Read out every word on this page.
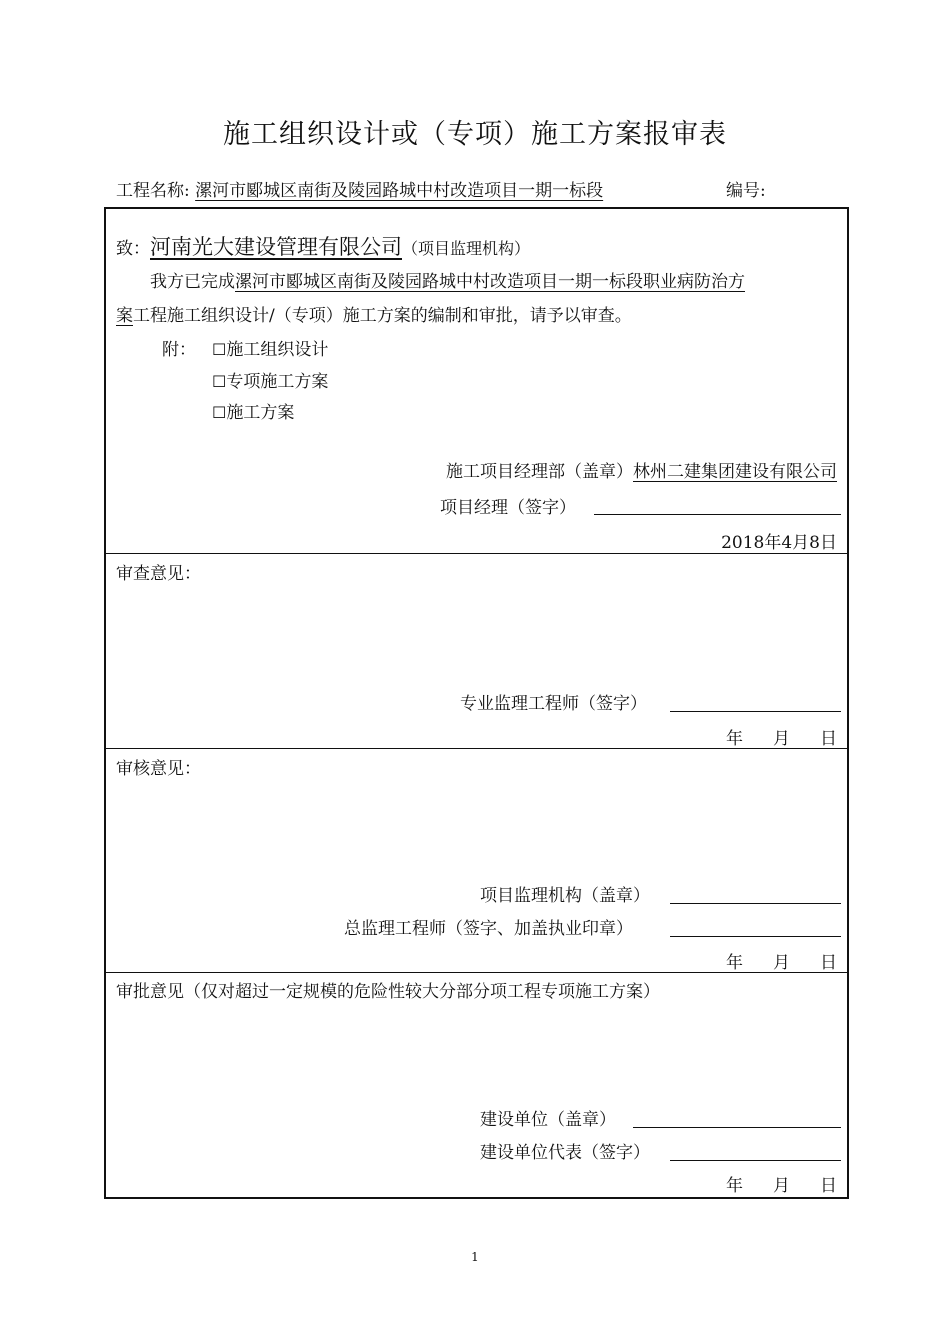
施工组织设计或（专项）施工方案报审表
工程名称: 漯河市郾城区南街及陵园路城中村改造项目一期一标段	编号:
致：河南光大建设管理有限公司（项目监理机构）
我方已完成漯河市郾城区南街及陵园路城中村改造项目一期一标段职业病防治方
案工程施工组织设计/（专项）施工方案的编制和审批，请予以审查。
附： ☐施工组织设计
☐专项施工方案
☐施工方案
施工项目经理部（盖章）林州二建集团建设有限公司
项目经理（签字）
2018年4月8日
审查意见：
专业监理工程师（签字）
年 月 日
审核意见：
项目监理机构（盖章）
总监理工程师（签字、加盖执业印章）
年 月 日
审批意见（仅对超过一定规模的危险性较大分部分项工程专项施工方案）
建设单位（盖章）
建设单位代表（签字）
年 月 日
1
